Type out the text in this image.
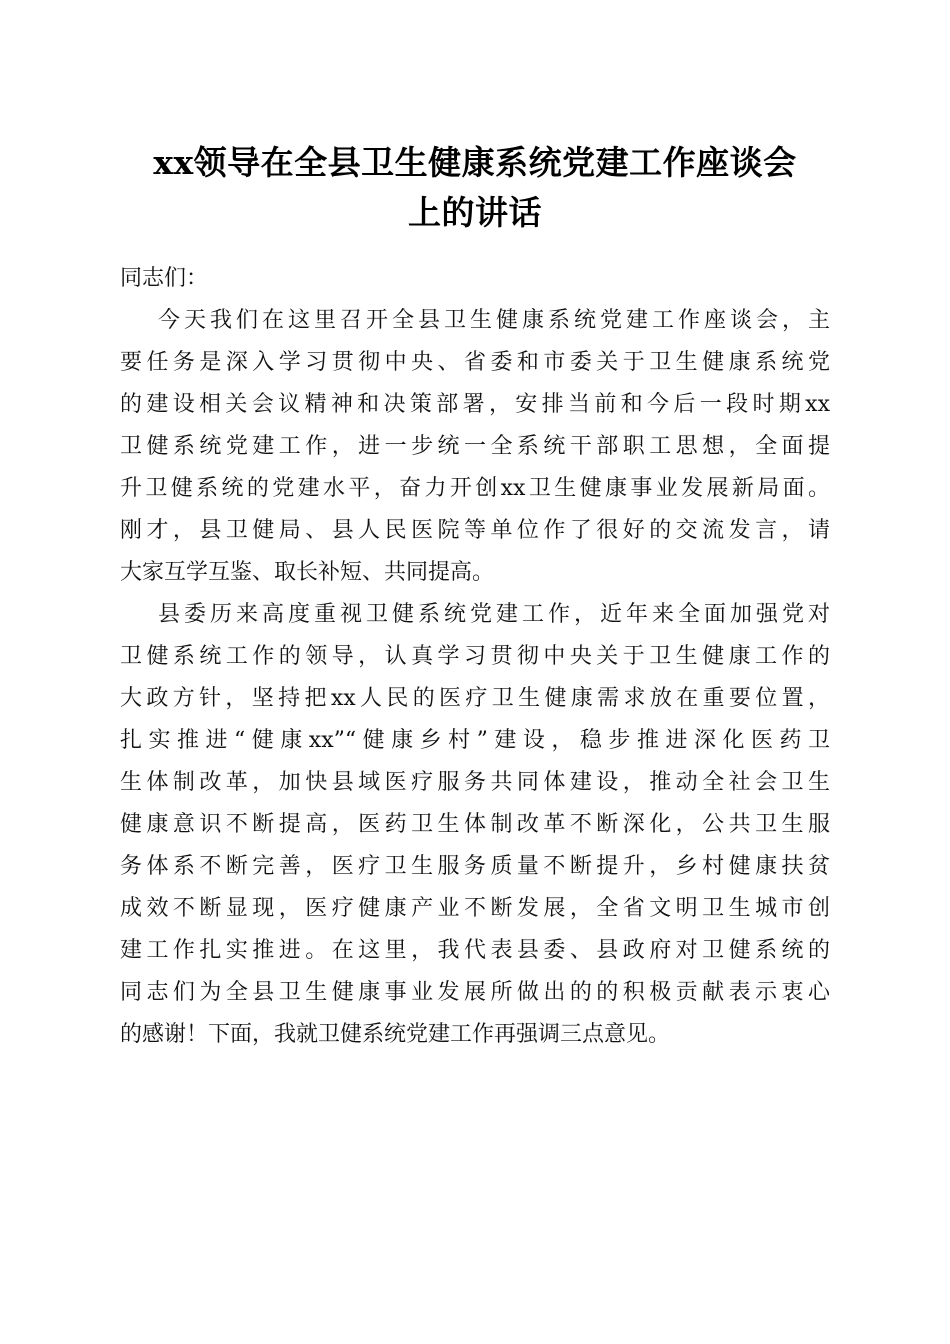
xx领导在全县卫生健康系统党建工作座谈会
上的讲话
同志们：
今天我们在这里召开全县卫生健康系统党建工作座谈会，主
要任务是深入学习贯彻中央、省委和市委关于卫生健康系统党
的建设相关会议精神和决策部署，安排当前和今后一段时期xx
卫健系统党建工作，进一步统一全系统干部职工思想，全面提
升卫健系统的党建水平，奋力开创xx卫生健康事业发展新局面。
刚才，县卫健局、县人民医院等单位作了很好的交流发言，请
大家互学互鉴、取长补短、共同提高。
县委历来高度重视卫健系统党建工作，近年来全面加强党对
卫健系统工作的领导，认真学习贯彻中央关于卫生健康工作的
大政方针，坚持把xx人民的医疗卫生健康需求放在重要位置，
扎实推进“健康xx”“健康乡村”建设，稳步推进深化医药卫
生体制改革，加快县域医疗服务共同体建设，推动全社会卫生
健康意识不断提高，医药卫生体制改革不断深化，公共卫生服
务体系不断完善，医疗卫生服务质量不断提升，乡村健康扶贫
成效不断显现，医疗健康产业不断发展，全省文明卫生城市创
建工作扎实推进。在这里，我代表县委、县政府对卫健系统的
同志们为全县卫生健康事业发展所做出的的积极贡献表示衷心
的感谢！下面，我就卫健系统党建工作再强调三点意见。
